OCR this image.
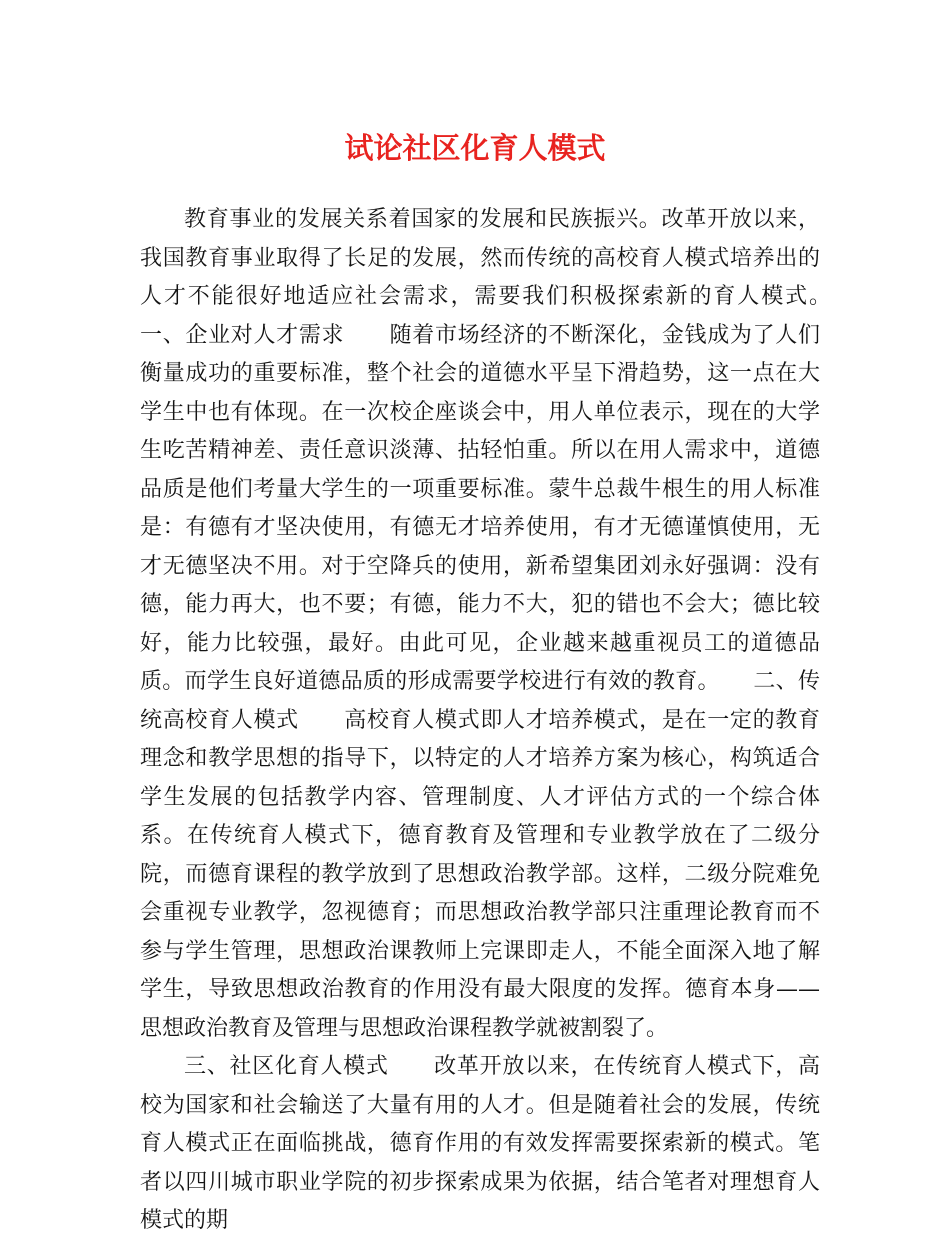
试论社区化育人模式

教育事业的发展关系着国家的发展和民族振兴。改革开放以来，我国教育事业取得了长足的发展，然而传统的高校育人模式培养出的人才不能很好地适应社会需求，需要我们积极探索新的育人模式。　　一、企业对人才需求　　随着市场经济的不断深化，金钱成为了人们衡量成功的重要标准，整个社会的道德水平呈下滑趋势，这一点在大学生中也有体现。在一次校企座谈会中，用人单位表示，现在的大学生吃苦精神差、责任意识淡薄、拈轻怕重。所以在用人需求中，道德品质是他们考量大学生的一项重要标准。蒙牛总裁牛根生的用人标准是：有德有才坚决使用，有德无才培养使用，有才无德谨慎使用，无才无德坚决不用。对于空降兵的使用，新希望集团刘永好强调：没有德，能力再大，也不要；有德，能力不大，犯的错也不会大；德比较好，能力比较强，最好。由此可见，企业越来越重视员工的道德品质。而学生良好道德品质的形成需要学校进行有效的教育。　　二、传统高校育人模式　　高校育人模式即人才培养模式，是在一定的教育理念和教学思想的指导下，以特定的人才培养方案为核心，构筑适合学生发展的包括教学内容、管理制度、人才评估方式的一个综合体系。在传统育人模式下，德育教育及管理和专业教学放在了二级分院，而德育课程的教学放到了思想政治教学部。这样，二级分院难免会重视专业教学，忽视德育；而思想政治教学部只注重理论教育而不参与学生管理，思想政治课教师上完课即走人，不能全面深入地了解学生，导致思想政治教育的作用没有最大限度的发挥。德育本身——思想政治教育及管理与思想政治课程教学就被割裂了。

三、社区化育人模式　　改革开放以来，在传统育人模式下，高校为国家和社会输送了大量有用的人才。但是随着社会的发展，传统育人模式正在面临挑战，德育作用的有效发挥需要探索新的模式。笔者以四川城市职业学院的初步探索成果为依据，结合笔者对理想育人模式的期
